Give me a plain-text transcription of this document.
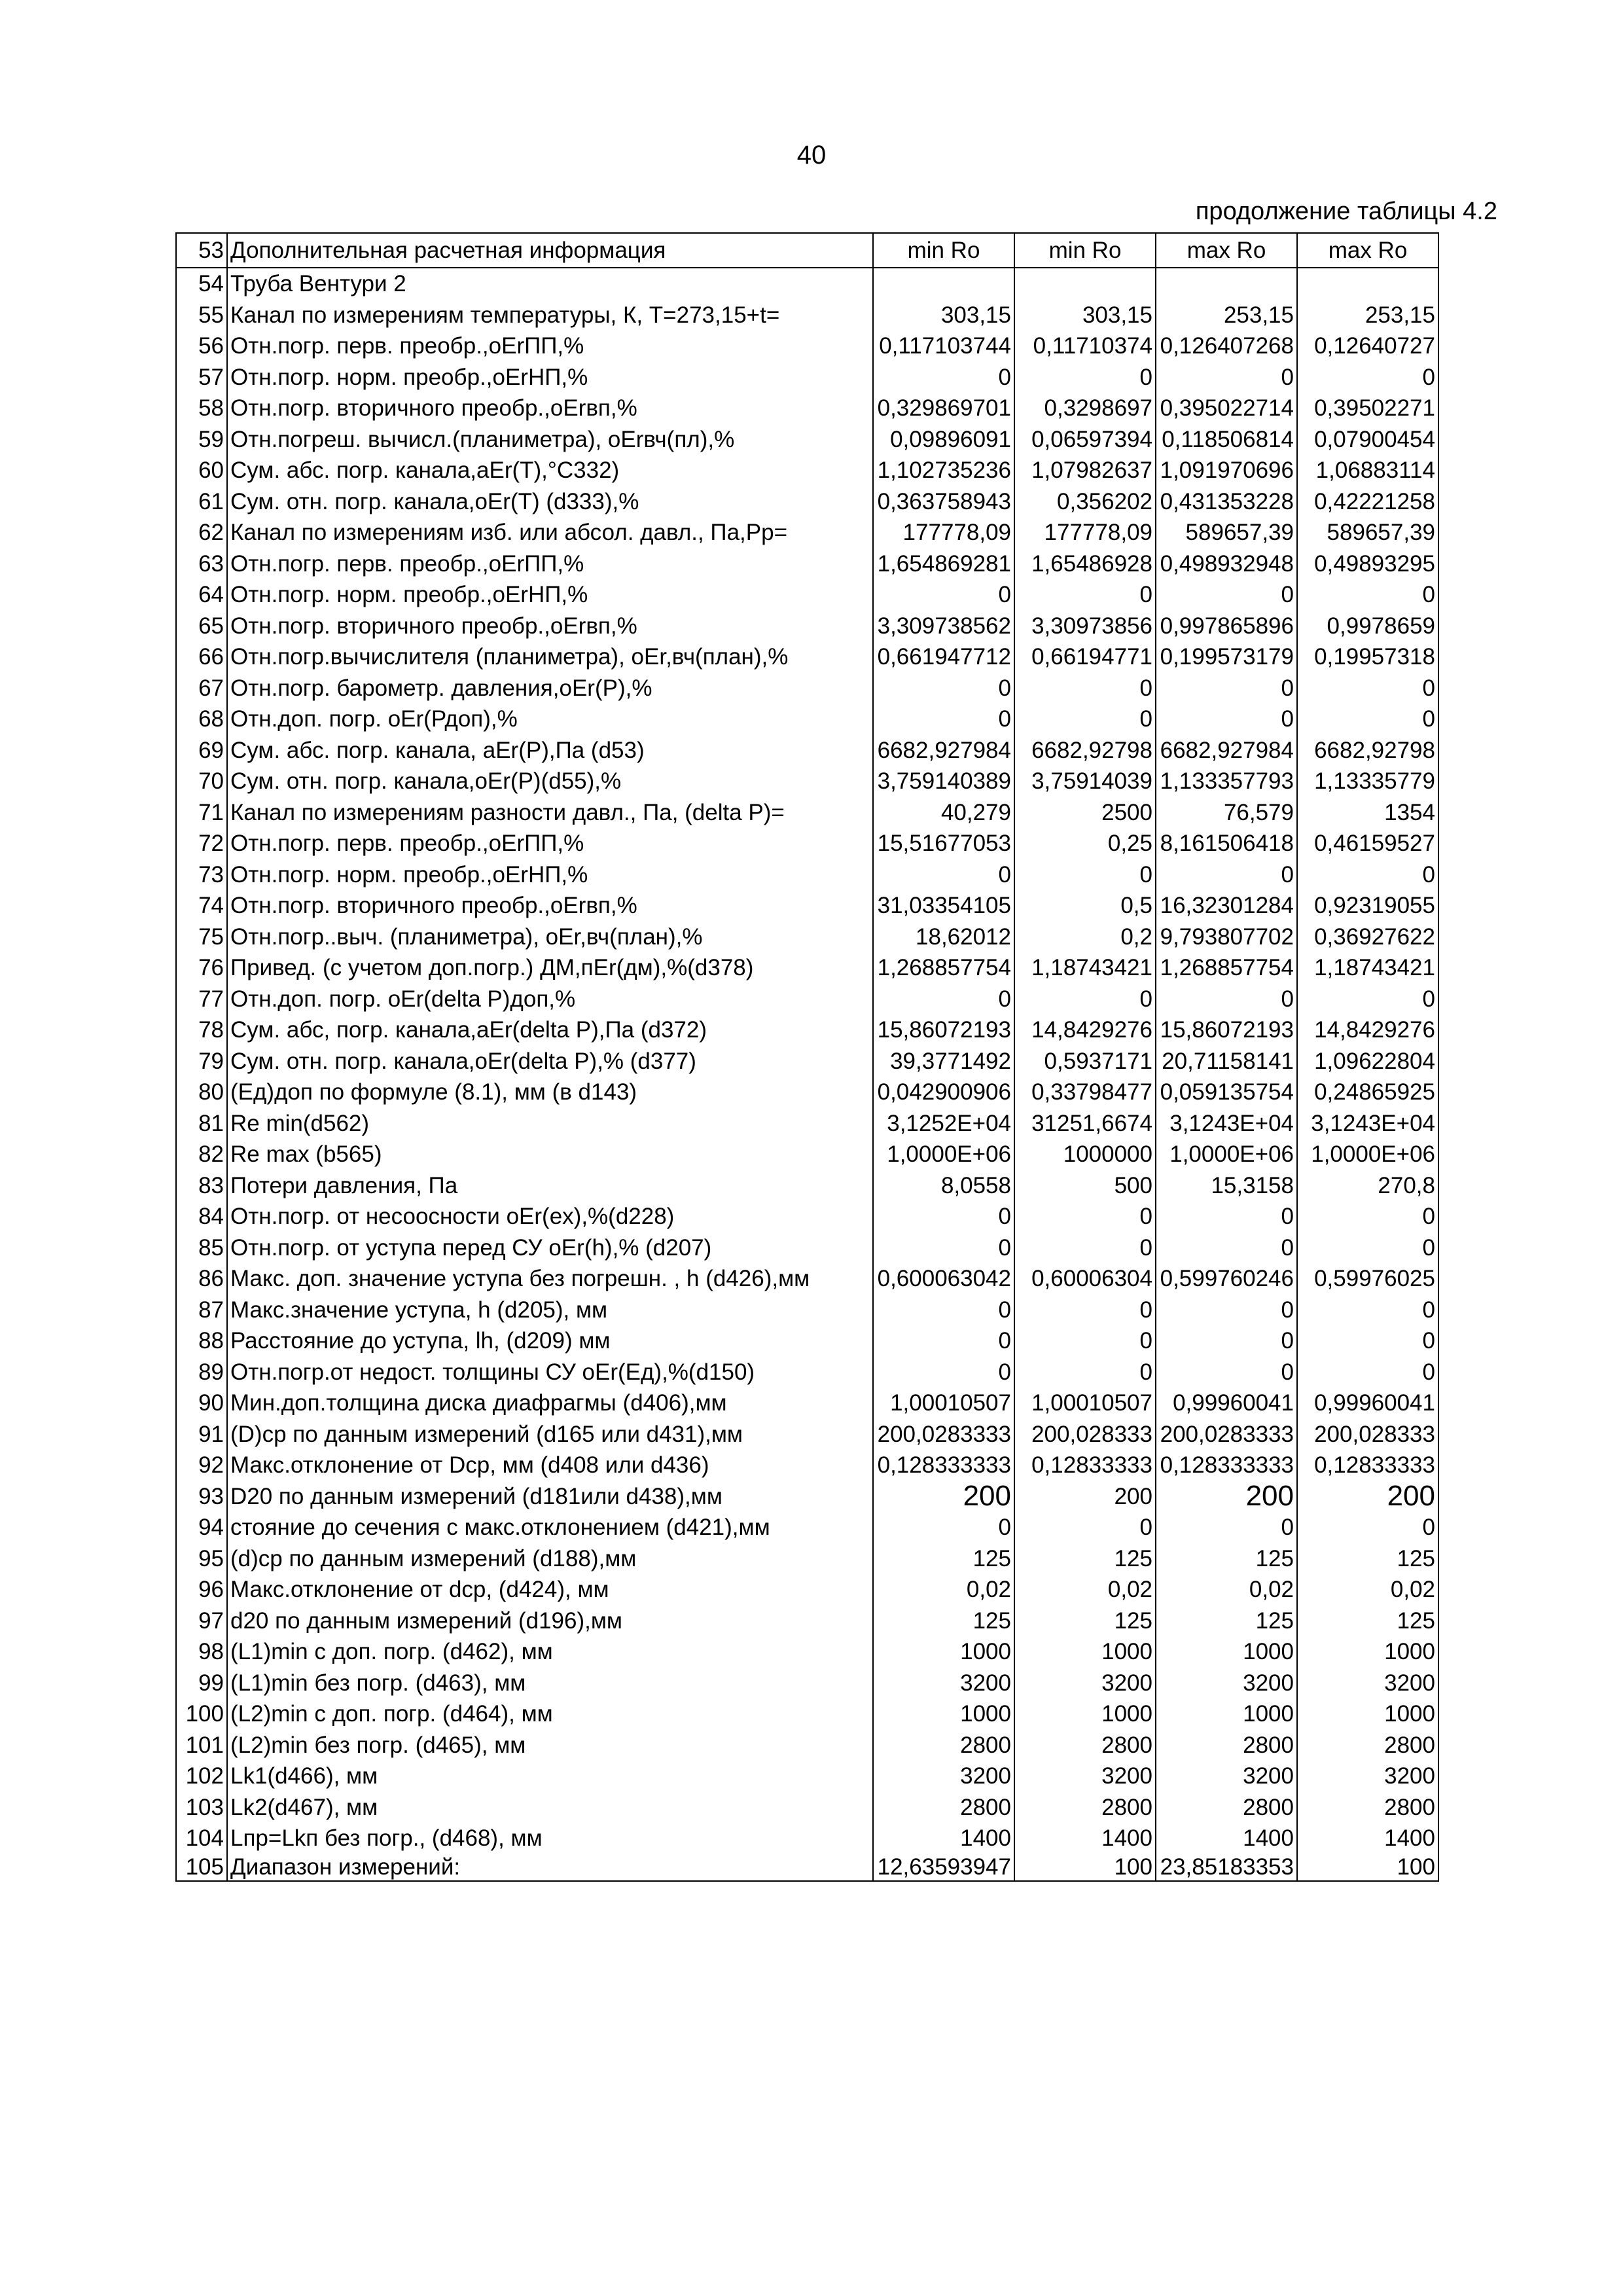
40
продолжение таблицы 4.2
53	Дополнительная расчетная информация	min Ro	min Ro	max Ro	max Ro
54	Труба Вентури 2				
55	Канал по измерениям температуры, К, Т=273,15+t=	303,15	303,15	253,15	253,15
56	Отн.погр. перв. преобр.,оЕrПП,%	0,117103744	0,11710374	0,126407268	0,12640727
57	Отн.погр. норм. преобр.,оЕrНП,%	0	0	0	0
58	Отн.погр. вторичного преобр.,оЕrвп,%	0,329869701	0,3298697	0,395022714	0,39502271
59	Отн.погреш. вычисл.(планиметра), оЕrвч(пл),%	0,09896091	0,06597394	0,118506814	0,07900454
60	Сум. абс. погр. канала,аЕr(Т),°С332)	1,102735236	1,07982637	1,091970696	1,06883114
61	Сум. отн. погр. канала,оЕr(Т) (d333),%	0,363758943	0,356202	0,431353228	0,42221258
62	Канал по измерениям изб. или абсол. давл., Па,Рр=	177778,09	177778,09	589657,39	589657,39
63	Отн.погр. перв. преобр.,оЕrПП,%	1,654869281	1,65486928	0,498932948	0,49893295
64	Отн.погр. норм. преобр.,оЕrНП,%	0	0	0	0
65	Отн.погр. вторичного преобр.,оЕrвп,%	3,309738562	3,30973856	0,997865896	0,9978659
66	Отн.погр.вычислителя (планиметра), оЕr,вч(план),%	0,661947712	0,66194771	0,199573179	0,19957318
67	Отн.погр. барометр. давления,оЕr(Р),%	0	0	0	0
68	Отн.доп. погр. оЕr(Рдоп),%	0	0	0	0
69	Сум. абс. погр. канала, аЕr(Р),Па (d53)	6682,927984	6682,92798	6682,927984	6682,92798
70	Сум. отн. погр. канала,оЕr(Р)(d55),%	3,759140389	3,75914039	1,133357793	1,13335779
71	Канал по измерениям разности давл., Па, (delta P)=	40,279	2500	76,579	1354
72	Отн.погр. перв. преобр.,оЕrПП,%	15,51677053	0,25	8,161506418	0,46159527
73	Отн.погр. норм. преобр.,оЕrНП,%	0	0	0	0
74	Отн.погр. вторичного преобр.,оЕrвп,%	31,03354105	0,5	16,32301284	0,92319055
75	Отн.погр..выч. (планиметра), оЕr,вч(план),%	18,62012	0,2	9,793807702	0,36927622
76	Привед. (с учетом доп.погр.) ДМ,пЕr(дм),%(d378)	1,268857754	1,18743421	1,268857754	1,18743421
77	Отн.доп. погр. оЕr(delta P)доп,%	0	0	0	0
78	Сум. абс, погр. канала,аЕr(delta P),Па (d372)	15,86072193	14,8429276	15,86072193	14,8429276
79	Сум. отн. погр. канала,оЕr(delta P),% (d377)	39,3771492	0,5937171	20,71158141	1,09622804
80	(Ед)доп по формуле (8.1), мм (в d143)	0,042900906	0,33798477	0,059135754	0,24865925
81	Re min(d562)	3,1252E+04	31251,6674	3,1243E+04	3,1243E+04
82	Re max (b565)	1,0000E+06	1000000	1,0000E+06	1,0000E+06
83	Потери давления, Па	8,0558	500	15,3158	270,8
84	Отн.погр. от несоосности оЕr(ex),%(d228)	0	0	0	0
85	Отн.погр. от уступа перед СУ оЕr(h),% (d207)	0	0	0	0
86	Макс. доп. значение уступа без погрешн. , h (d426),мм	0,600063042	0,60006304	0,599760246	0,59976025
87	Макс.значение уступа, h (d205), мм	0	0	0	0
88	Расстояние до уступа, lh, (d209) мм	0	0	0	0
89	Отн.погр.от недост. толщины СУ оЕr(Ед),%(d150)	0	0	0	0
90	Мин.доп.толщина диска диафрагмы (d406),мм	1,00010507	1,00010507	0,99960041	0,99960041
91	(D)ср по данным измерений (d165 или d431),мм	200,0283333	200,028333	200,0283333	200,028333
92	Макс.отклонение от Dср, мм (d408 или d436)	0,128333333	0,12833333	0,128333333	0,12833333
93	D20 по данным измерений (d181или d438),мм	200	200	200	200
94	стояние до сечения с макс.отклонением (d421),мм	0	0	0	0
95	(d)ср по данным измерений (d188),мм	125	125	125	125
96	Макс.отклонение от dср, (d424), мм	0,02	0,02	0,02	0,02
97	d20 по данным измерений (d196),мм	125	125	125	125
98	(L1)min с доп. погр. (d462), мм	1000	1000	1000	1000
99	(L1)min без погр. (d463), мм	3200	3200	3200	3200
100	(L2)min с доп. погр. (d464), мм	1000	1000	1000	1000
101	(L2)min без погр. (d465), мм	2800	2800	2800	2800
102	Lk1(d466), мм	3200	3200	3200	3200
103	Lk2(d467), мм	2800	2800	2800	2800
104	Lпр=Lkп без погр., (d468), мм	1400	1400	1400	1400
105	Диапазон измерений:	12,63593947	100	23,85183353	100
